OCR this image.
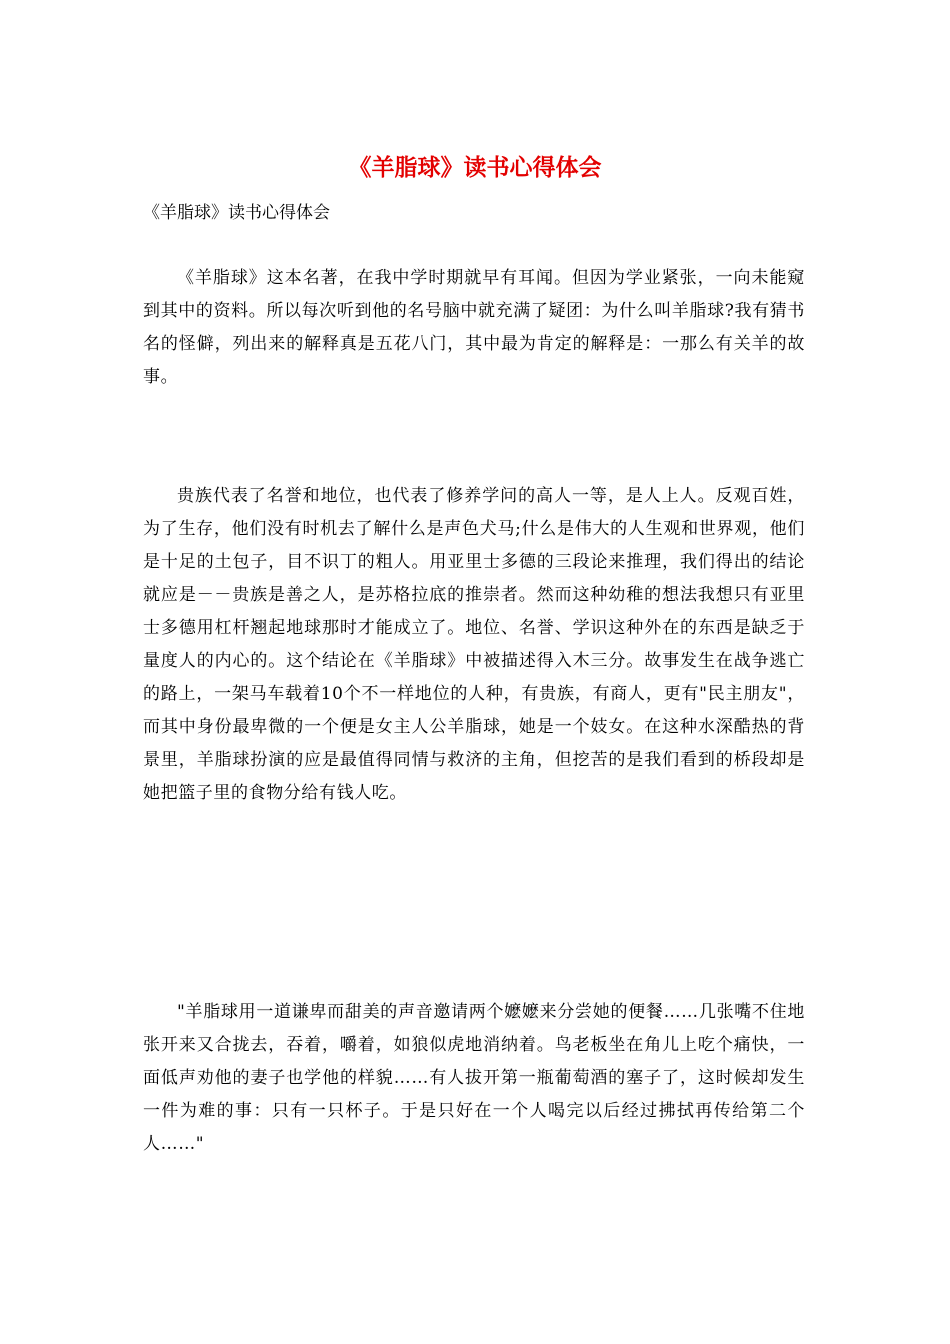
《羊脂球》读书心得体会

《羊脂球》读书心得体会

《羊脂球》这本名著，在我中学时期就早有耳闻。但因为学业紧张，一向未能窥到其中的资料。所以每次听到他的名号脑中就充满了疑团：为什么叫羊脂球?我有猜书名的怪僻，列出来的解释真是五花八门，其中最为肯定的解释是：一那么有关羊的故事。

贵族代表了名誉和地位，也代表了修养学问的高人一等，是人上人。反观百姓，为了生存，他们没有时机去了解什么是声色犬马;什么是伟大的人生观和世界观，他们是十足的土包子，目不识丁的粗人。用亚里士多德的三段论来推理，我们得出的结论就应是－－贵族是善之人，是苏格拉底的推崇者。然而这种幼稚的想法我想只有亚里士多德用杠杆翘起地球那时才能成立了。地位、名誉、学识这种外在的东西是缺乏于量度人的内心的。这个结论在《羊脂球》中被描述得入木三分。故事发生在战争逃亡的路上，一架马车载着10个不一样地位的人种，有贵族，有商人，更有"民主朋友"，而其中身份最卑微的一个便是女主人公羊脂球，她是一个妓女。在这种水深酷热的背景里，羊脂球扮演的应是最值得同情与救济的主角，但挖苦的是我们看到的桥段却是她把篮子里的食物分给有钱人吃。

"羊脂球用一道谦卑而甜美的声音邀请两个嬷嬷来分尝她的便餐……几张嘴不住地张开来又合拢去，吞着，嚼着，如狼似虎地消纳着。鸟老板坐在角儿上吃个痛快，一面低声劝他的妻子也学他的样貌……有人拔开第一瓶葡萄酒的塞子了，这时候却发生一件为难的事：只有一只杯子。于是只好在一个人喝完以后经过拂拭再传给第二个人……"
